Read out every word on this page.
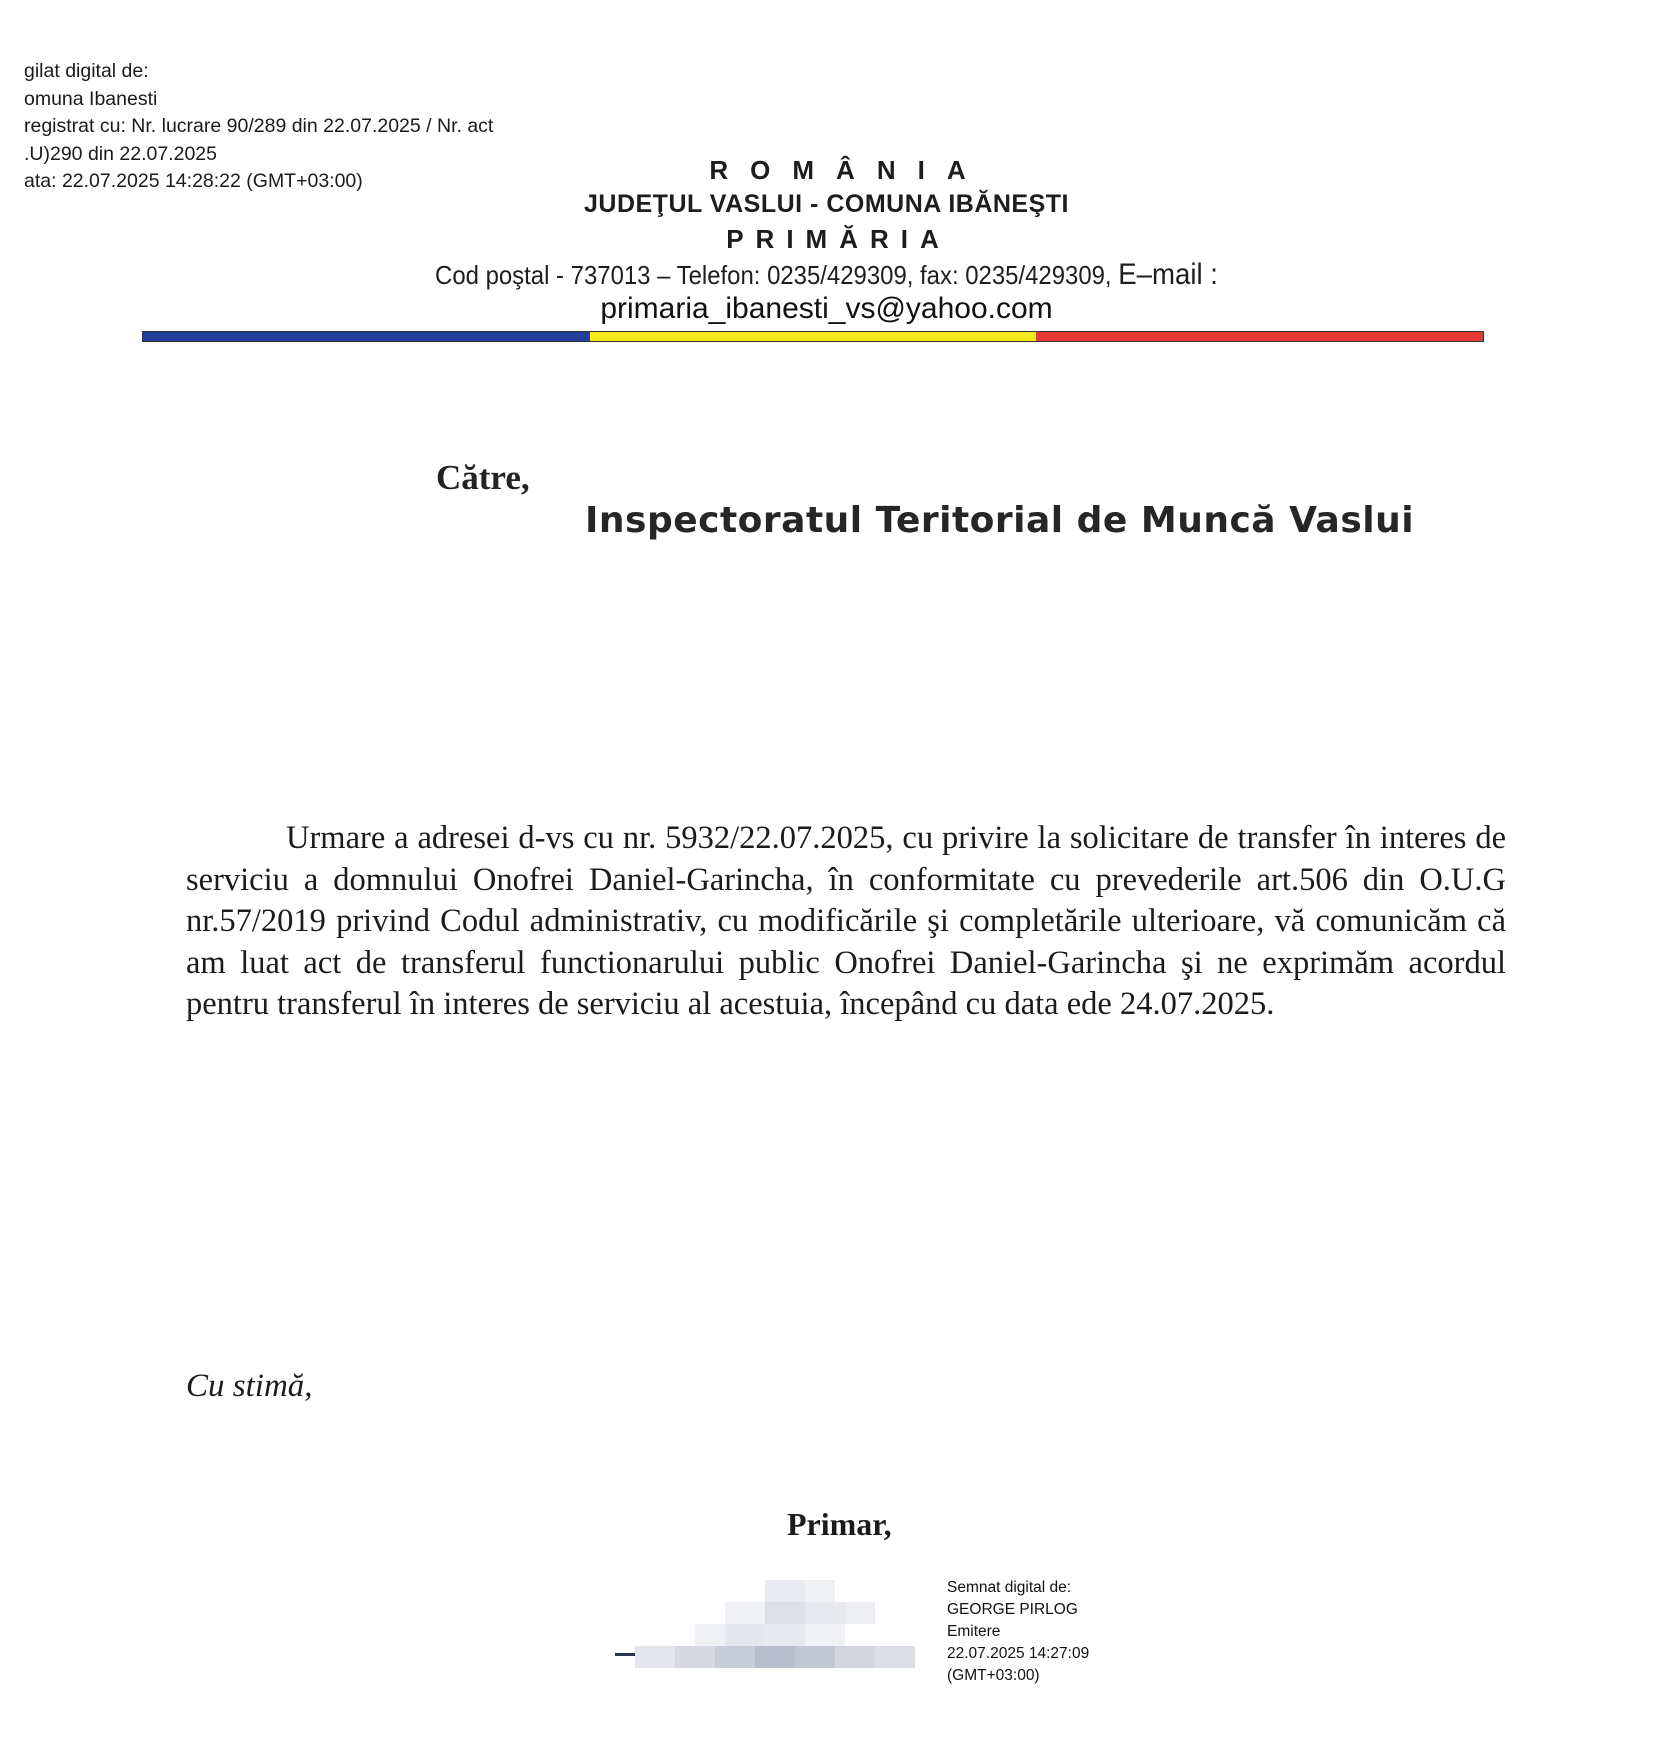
gilat digital de:
omuna Ibanesti
registrat cu: Nr. lucrare 90/289 din 22.07.2025 / Nr. act
.U)290 din 22.07.2025
ata: 22.07.2025 14:28:22 (GMT+03:00)	ROMÂNIA
JUDEŢUL VASLUI - COMUNA IBĂNEŞTI
PRIMĂRIA
Cod poştal - 737013 – Telefon: 0235/429309, fax: 0235/429309, E–mail :
primaria_ibanesti_vs@yahoo.com
Către,
Inspectoratul Teritorial de Muncă Vaslui
Urmare a adresei d-vs cu nr. 5932/22.07.2025, cu privire la solicitare de transfer în interes de serviciu a domnului Onofrei Daniel-Garincha, în conformitate cu prevederile art.506 din O.U.G nr.57/2019 privind Codul administrativ, cu modificările şi completările ulterioare, vă comunicăm că am luat act de transferul functionarului public Onofrei Daniel-Garincha şi ne exprimăm acordul pentru transferul în interes de serviciu al acestuia, începând cu data ede 24.07.2025.
Cu stimă,
Primar,
Semnat digital de:
GEORGE PIRLOG
Emitere
22.07.2025 14:27:09
(GMT+03:00)
